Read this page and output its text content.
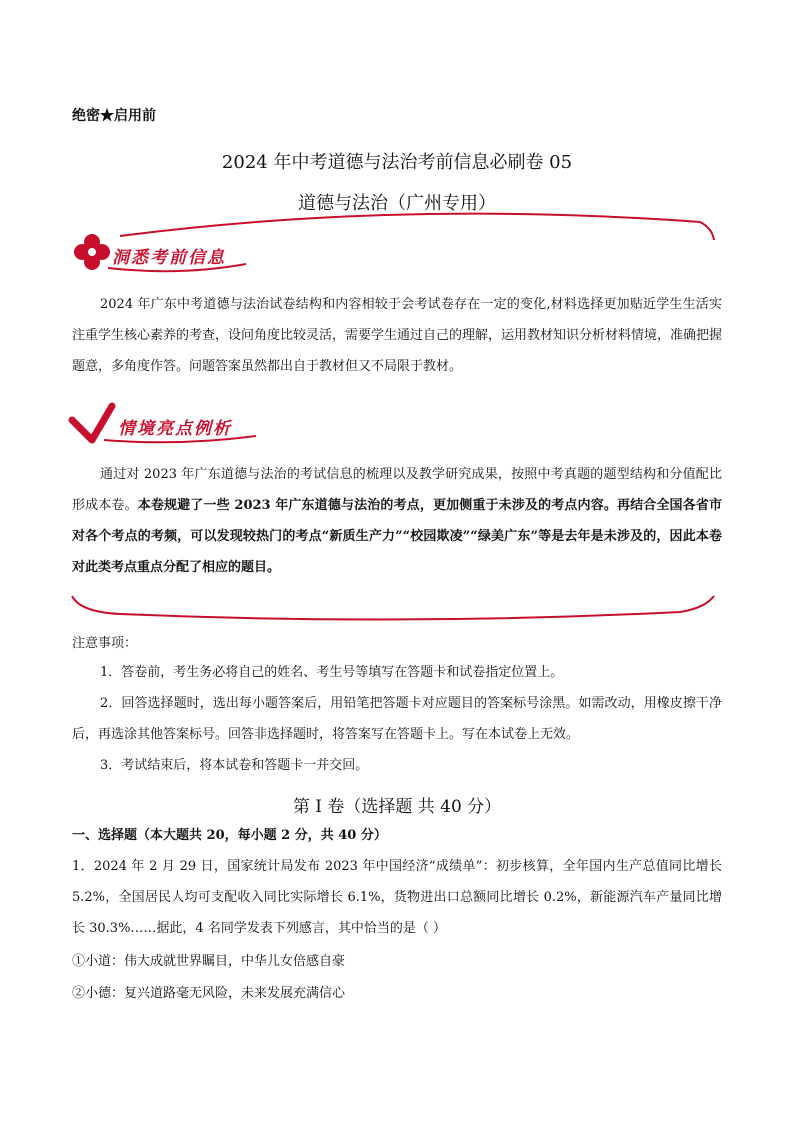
绝密★启用前
2024 年中考道德与法治考前信息必刷卷 05
道德与法治（广州专用）
洞悉考前信息
2024 年广东中考道德与法治试卷结构和内容相较于会考试卷存在一定的变化,材料选择更加贴近学生生活实注重学生核心素养的考查，设问角度比较灵活，需要学生通过自己的理解，运用教材知识分析材料情境，准确把握题意，多角度作答。问题答案虽然都出自于教材但又不局限于教材。
情境亮点例析
通过对 2023 年广东道德与法治的考试信息的梳理以及教学研究成果，按照中考真题的题型结构和分值配比形成本卷。本卷规避了一些 2023 年广东道德与法治的考点，更加侧重于未涉及的考点内容。再结合全国各省市对各个考点的考频，可以发现较热门的考点“新质生产力”“校园欺凌”“绿美广东”等是去年是未涉及的，因此本卷对此类考点重点分配了相应的题目。
注意事项：
1．答卷前，考生务必将自己的姓名、考生号等填写在答题卡和试卷指定位置上。
2．回答选择题时，选出每小题答案后，用铅笔把答题卡对应题目的答案标号涂黑。如需改动，用橡皮擦干净后，再选涂其他答案标号。回答非选择题时，将答案写在答题卡上。写在本试卷上无效。
3．考试结束后，将本试卷和答题卡一并交回。
第 I 卷（选择题 共 40 分）
一、选择题（本大题共 20，每小题 2 分，共 40 分）
1．2024 年 2 月 29 日，国家统计局发布 2023 年中国经济“成绩单”：初步核算，全年国内生产总值同比增长 5.2%，全国居民人均可支配收入同比实际增长 6.1%，货物进出口总额同比增长 0.2%，新能源汽车产量同比增长 30.3%……据此，4 名同学发表下列感言，其中恰当的是（ ）
①小道：伟大成就世界瞩目，中华儿女倍感自豪
②小德：复兴道路毫无风险，未来发展充满信心
